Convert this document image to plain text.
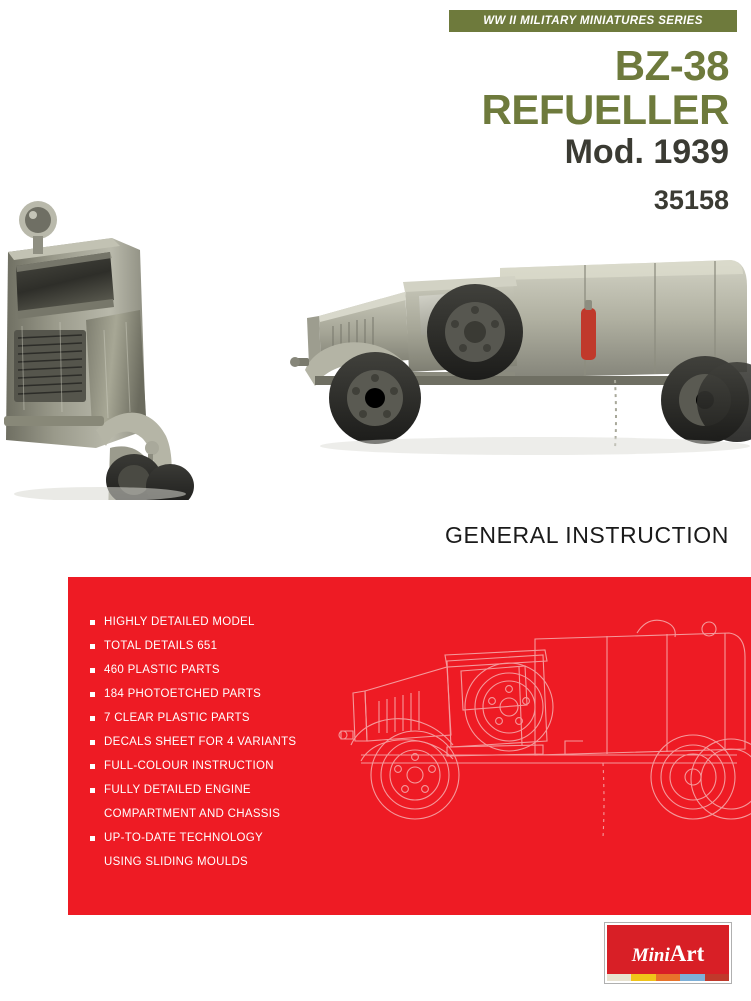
WW II MILITARY MINIATURES SERIES
BZ-38
REFUELLER
Mod. 1939
35158
GENERAL INSTRUCTION
HIGHLY DETAILED MODEL
TOTAL DETAILS 651
460 PLASTIC PARTS
184 PHOTOETCHED PARTS
7 CLEAR PLASTIC PARTS
DECALS SHEET FOR 4 VARIANTS
FULL-COLOUR INSTRUCTION
FULLY DETAILED ENGINE
COMPARTMENT AND CHASSIS
UP-TO-DATE TECHNOLOGY
USING SLIDING MOULDS
MiniArt
